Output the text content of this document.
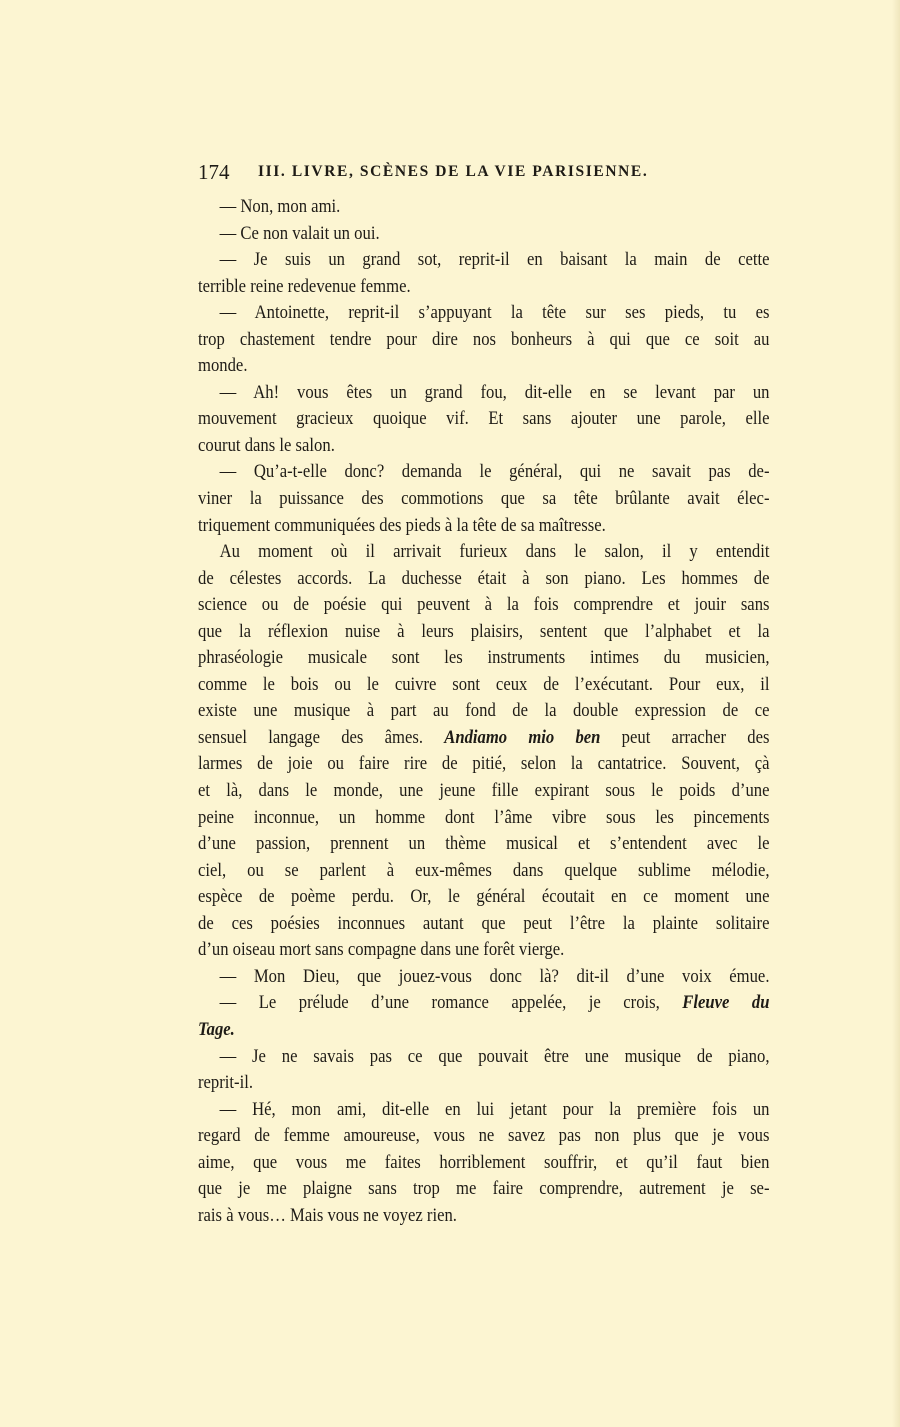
174 III. LIVRE, SCÈNES DE LA VIE PARISIENNE.
— Non, mon ami.
— Ce non valait un oui.
— Je suis un grand sot, reprit-il en baisant la main de cette
terrible reine redevenue femme.
— Antoinette, reprit-il s’appuyant la tête sur ses pieds, tu es
trop chastement tendre pour dire nos bonheurs à qui que ce soit au
monde.
— Ah! vous êtes un grand fou, dit-elle en se levant par un
mouvement gracieux quoique vif. Et sans ajouter une parole, elle
courut dans le salon.
— Qu’a-t-elle donc? demanda le général, qui ne savait pas de-
viner la puissance des commotions que sa tête brûlante avait élec-
triquement communiquées des pieds à la tête de sa maîtresse.
Au moment où il arrivait furieux dans le salon, il y entendit
de célestes accords. La duchesse était à son piano. Les hommes de
science ou de poésie qui peuvent à la fois comprendre et jouir sans
que la réflexion nuise à leurs plaisirs, sentent que l’alphabet et la
phraséologie musicale sont les instruments intimes du musicien,
comme le bois ou le cuivre sont ceux de l’exécutant. Pour eux, il
existe une musique à part au fond de la double expression de ce
sensuel langage des âmes. Andiamo mio ben peut arracher des
larmes de joie ou faire rire de pitié, selon la cantatrice. Souvent, çà
et là, dans le monde, une jeune fille expirant sous le poids d’une
peine inconnue, un homme dont l’âme vibre sous les pincements
d’une passion, prennent un thème musical et s’entendent avec le
ciel, ou se parlent à eux-mêmes dans quelque sublime mélodie,
espèce de poème perdu. Or, le général écoutait en ce moment une
de ces poésies inconnues autant que peut l’être la plainte solitaire
d’un oiseau mort sans compagne dans une forêt vierge.
— Mon Dieu, que jouez-vous donc là? dit-il d’une voix émue.
— Le prélude d’une romance appelée, je crois, Fleuve du
Tage.
— Je ne savais pas ce que pouvait être une musique de piano,
reprit-il.
— Hé, mon ami, dit-elle en lui jetant pour la première fois un
regard de femme amoureuse, vous ne savez pas non plus que je vous
aime, que vous me faites horriblement souffrir, et qu’il faut bien
que je me plaigne sans trop me faire comprendre, autrement je se-
rais à vous… Mais vous ne voyez rien.
